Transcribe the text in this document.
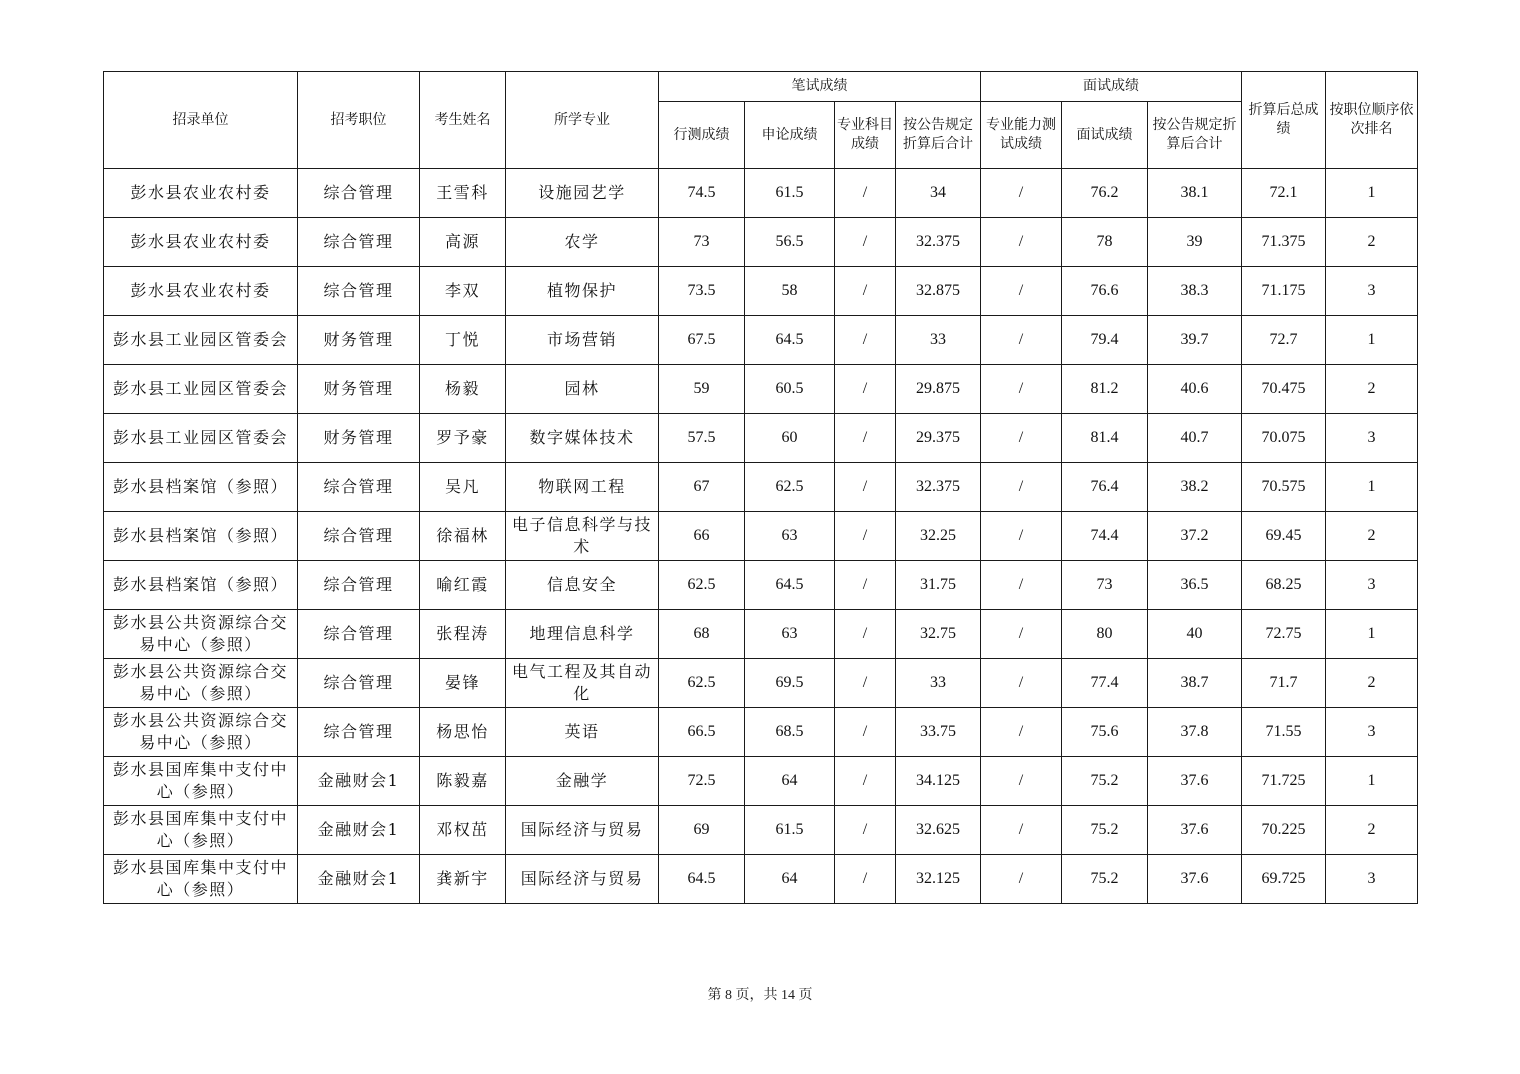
招录单位	招考职位	考生姓名	所学专业	笔试成绩				面试成绩			折算后总成绩	按职位顺序依次排名
				行测成绩	申论成绩	专业科目成绩	按公告规定折算后合计	专业能力测试成绩	面试成绩	按公告规定折算后合计		
彭水县农业农村委	综合管理	王雪科	设施园艺学	74.5	61.5	/	34	/	76.2	38.1	72.1	1
彭水县农业农村委	综合管理	高源	农学	73	56.5	/	32.375	/	78	39	71.375	2
彭水县农业农村委	综合管理	李双	植物保护	73.5	58	/	32.875	/	76.6	38.3	71.175	3
彭水县工业园区管委会	财务管理	丁悦	市场营销	67.5	64.5	/	33	/	79.4	39.7	72.7	1
彭水县工业园区管委会	财务管理	杨毅	园林	59	60.5	/	29.875	/	81.2	40.6	70.475	2
彭水县工业园区管委会	财务管理	罗予豪	数字媒体技术	57.5	60	/	29.375	/	81.4	40.7	70.075	3
彭水县档案馆（参照）	综合管理	吴凡	物联网工程	67	62.5	/	32.375	/	76.4	38.2	70.575	1
彭水县档案馆（参照）	综合管理	徐福林	电子信息科学与技术	66	63	/	32.25	/	74.4	37.2	69.45	2
彭水县档案馆（参照）	综合管理	喻红霞	信息安全	62.5	64.5	/	31.75	/	73	36.5	68.25	3
彭水县公共资源综合交易中心（参照）	综合管理	张程涛	地理信息科学	68	63	/	32.75	/	80	40	72.75	1
彭水县公共资源综合交易中心（参照）	综合管理	晏锋	电气工程及其自动化	62.5	69.5	/	33	/	77.4	38.7	71.7	2
彭水县公共资源综合交易中心（参照）	综合管理	杨思怡	英语	66.5	68.5	/	33.75	/	75.6	37.8	71.55	3
彭水县国库集中支付中心（参照）	金融财会1	陈毅嘉	金融学	72.5	64	/	34.125	/	75.2	37.6	71.725	1
彭水县国库集中支付中心（参照）	金融财会1	邓权茁	国际经济与贸易	69	61.5	/	32.625	/	75.2	37.6	70.225	2
彭水县国库集中支付中心（参照）	金融财会1	龚新宇	国际经济与贸易	64.5	64	/	32.125	/	75.2	37.6	69.725	3
第 8 页，共 14 页
